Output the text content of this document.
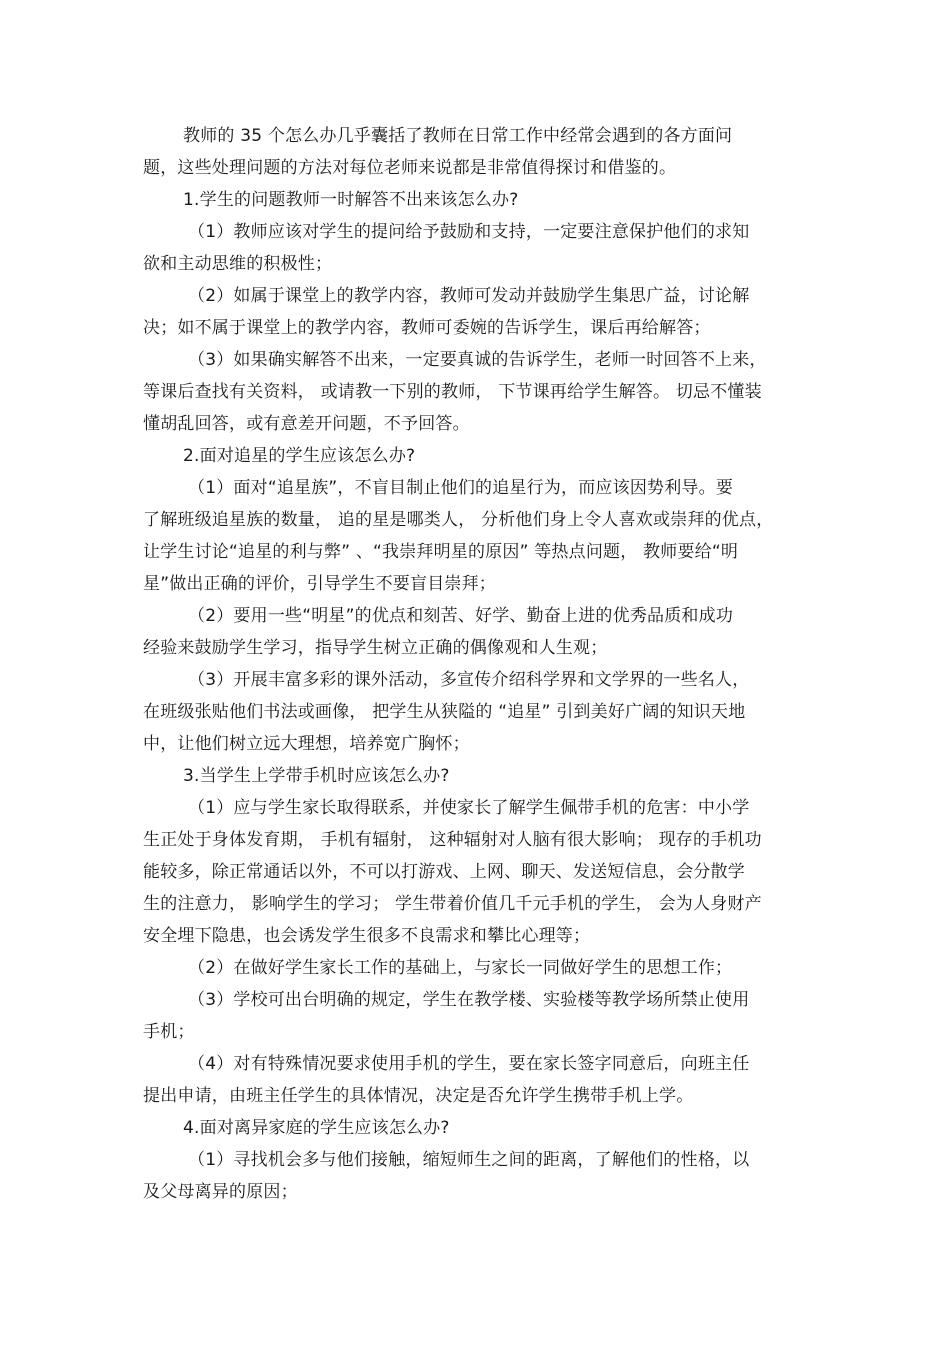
教师的 35 个怎么办几乎囊括了教师在日常工作中经常会遇到的各方面问
题，这些处理问题的方法对每位老师来说都是非常值得探讨和借鉴的。
1.学生的问题教师一时解答不出来该怎么办?
（1）教师应该对学生的提问给予鼓励和支持，一定要注意保护他们的求知
欲和主动思维的积极性；
（2）如属于课堂上的教学内容，教师可发动并鼓励学生集思广益，讨论解
决；如不属于课堂上的教学内容，教师可委婉的告诉学生，课后再给解答；
（3）如果确实解答不出来，一定要真诚的告诉学生，老师一时回答不上来，
等课后查找有关资料， 或请教一下别的教师， 下节课再给学生解答。 切忌不懂装
懂胡乱回答，或有意差开问题，不予回答。
2.面对追星的学生应该怎么办?
（1）面对“追星族”，不盲目制止他们的追星行为，而应该因势利导。要
了解班级追星族的数量， 追的星是哪类人， 分析他们身上令人喜欢或崇拜的优点，
让学生讨论“追星的利与弊” 、“我崇拜明星的原因” 等热点问题， 教师要给“明
星”做出正确的评价，引导学生不要盲目崇拜；
（2）要用一些“明星”的优点和刻苦、好学、勤奋上进的优秀品质和成功
经验来鼓励学生学习，指导学生树立正确的偶像观和人生观；
（3）开展丰富多彩的课外活动，多宣传介绍科学界和文学界的一些名人，
在班级张贴他们书法或画像， 把学生从狭隘的 “追星” 引到美好广阔的知识天地
中，让他们树立远大理想，培养宽广胸怀；
3.当学生上学带手机时应该怎么办?
（1）应与学生家长取得联系，并使家长了解学生佩带手机的危害：中小学
生正处于身体发育期， 手机有辐射， 这种辐射对人脑有很大影响； 现存的手机功
能较多，除正常通话以外，不可以打游戏、上网、聊天、发送短信息，会分散学
生的注意力， 影响学生的学习； 学生带着价值几千元手机的学生， 会为人身财产
安全埋下隐患，也会诱发学生很多不良需求和攀比心理等；
（2）在做好学生家长工作的基础上，与家长一同做好学生的思想工作；
（3）学校可出台明确的规定，学生在教学楼、实验楼等教学场所禁止使用
手机；
（4）对有特殊情况要求使用手机的学生，要在家长签字同意后，向班主任
提出申请，由班主任学生的具体情况，决定是否允许学生携带手机上学。
4.面对离异家庭的学生应该怎么办?
（1）寻找机会多与他们接触，缩短师生之间的距离，了解他们的性格，以
及父母离异的原因；
